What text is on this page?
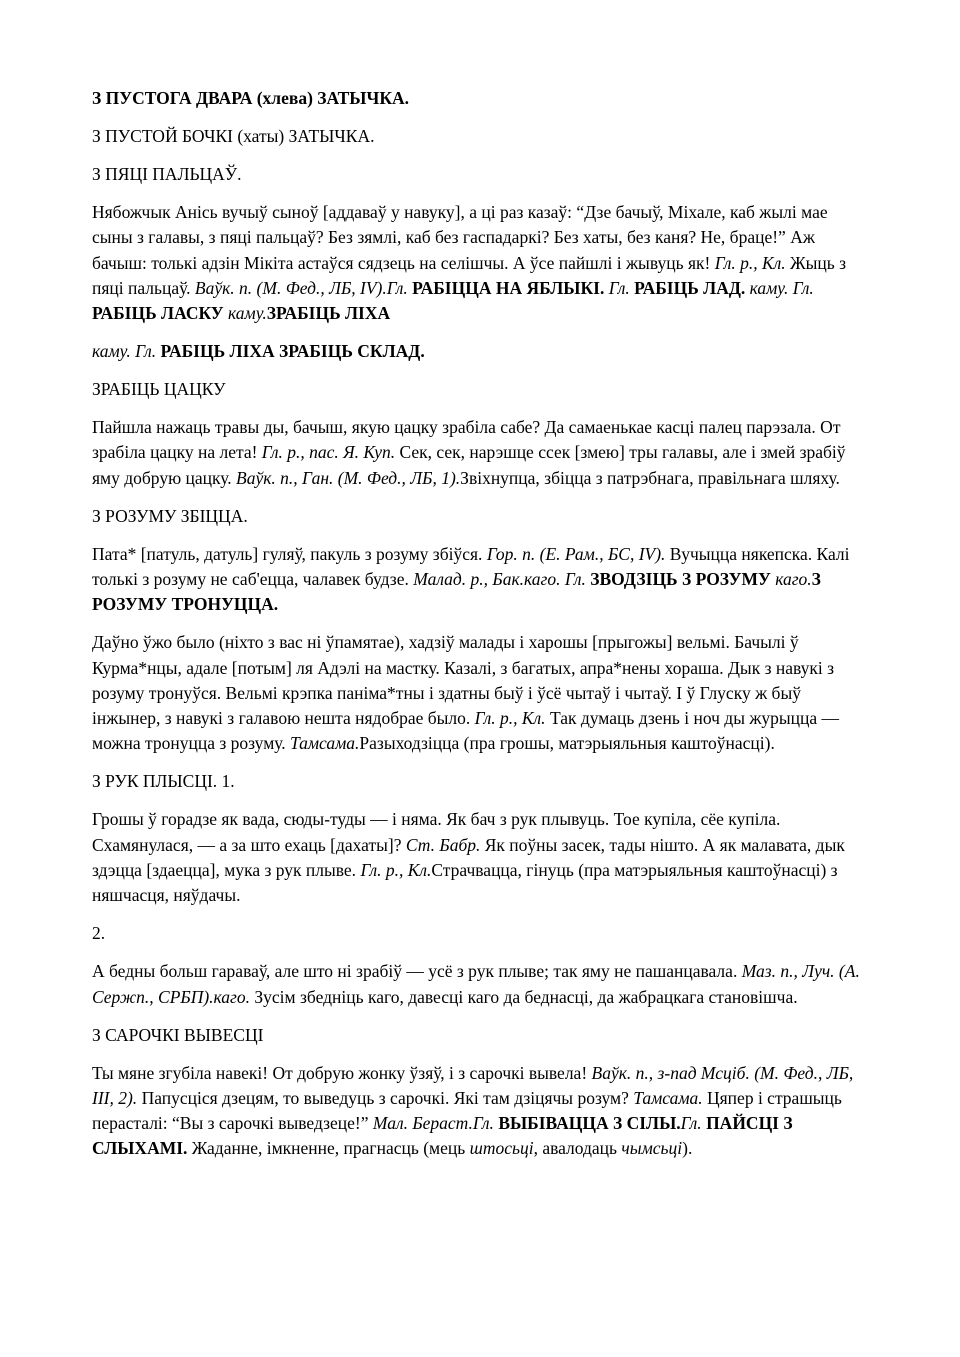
З ПУСТОГА ДВАРА (хлева) ЗАТЫЧКА.

З ПУСТОЙ БОЧКІ (хаты) ЗАТЫЧКА.

З ПЯЦІ ПАЛЬЦАЎ.

Нябожчык Анісь вучыў сыноў [аддаваў у навуку], а ці раз казаў: “Дзе бачыў, Міхале, каб жылі мае сыны з галавы, з пяці пальцаў? Без зямлі, каб без гаспадаркі? Без хаты, без каня? Не, браце!” Аж бачыш: толькі адзін Мікіта астаўся сядзець на селішчы. А ўсе пайшлі і жывуць як! Гл. р., Кл. Жыць з пяці пальцаў. Ваўк. п. (М. Фед., ЛБ, IV).Гл. РАБІЦЦА НА ЯБЛЫКІ. Гл. РАБІЦЬ ЛАД. каму. Гл. РАБІЦЬ ЛАСКУ каму.ЗРАБІЦЬ ЛІХА

каму. Гл. РАБІЦЬ ЛІХА ЗРАБІЦЬ СКЛАД.

ЗРАБІЦЬ ЦАЦКУ

Пайшла нажаць травы ды, бачыш, якую цацку зрабіла сабе? Да самаенькае касці палец парэзала. От зрабіла цацку на лета! Гл. р., пас. Я. Куп. Сек, сек, нарэшце ссек [змею] тры галавы, але і змей зрабіў яму добрую цацку. Ваўк. п., Ган. (М. Фед., ЛБ, 1).Звіхнупца, збіцца з патрэбнага, правільнага шляху.

З РОЗУМУ ЗБІЦЦА.

Пата* [патуль, датуль] гуляў, пакуль з розуму збіўся. Гор. п. (Е. Рам., БС, IV). Вучыцца някепска. Калі толькі з розуму не саб'ецца, чалавек будзе. Малад. р., Бак.каго. Гл. ЗВОДЗІЦЬ З РОЗУМУ каго.З РОЗУМУ ТРОНУЦЦА.

Даўно ўжо было (ніхто з вас ні ўпамятае), хадзіў малады і харошы [прыгожы] вельмі. Бачылі ў Курма*нцы, адале [потым] ля Адэлі на мастку. Казалі, з багатых, апра*нены хораша. Дык з навукі з розуму тронуўся. Вельмі крэпка паніма*тны і здатны быў і ўсё чытаў і чытаў. І ў Глуску ж быў інжынер, з навукі з галавою нешта нядобрае было. Гл. р., Кл. Так думаць дзень і ноч ды журыцца — можна тронуцца з розуму. Тамсама.Разыходзіцца (пра грошы, матэрыяльныя каштоўнасці).

З РУК ПЛЫСЦІ. 1.

Грошы ў горадзе як вада, сюды-туды — і няма. Як бач з рук плывуць. Тое купіла, сёе купіла. Схамянулася, — а за што ехаць [дахаты]? Ст. Бабр. Як поўны засек, тады нішто. А як малавата, дык здэцца [здаецца], мука з рук плыве. Гл. р., Кл.Страчвацца, гінуць (пра матэрыяльныя каштоўнасці) з няшчасця, няўдачы.

2.

А бедны больш гараваў, але што ні зрабіў — усё з рук плыве; так яму не пашанцавала. Маз. п., Луч. (А. Сержп., СРБП).каго. Зусім збедніць каго, давесці каго да беднасці, да жабрацкага становішча.

З САРОЧКІ ВЫВЕСЦІ

Ты мяне згубіла навекі! От добрую жонку ўзяў, і з сарочкі вывела! Ваўк. п., з-пад Мсціб. (М. Фед., ЛБ, III, 2). Папусціся дзецям, то выведуць з сарочкі. Які там дзіцячы розум? Тамсама. Цяпер і страшыць перасталі: “Вы з сарочкі выведзеце!” Мал. Бераст.Гл. ВЫБІВАЦЦА З СІЛЫ.Гл. ПАЙСЦІ З СЛЫХАМІ. Жаданне, імкненне, прагнасць (мець штосьці, авалодаць чымсьці).
